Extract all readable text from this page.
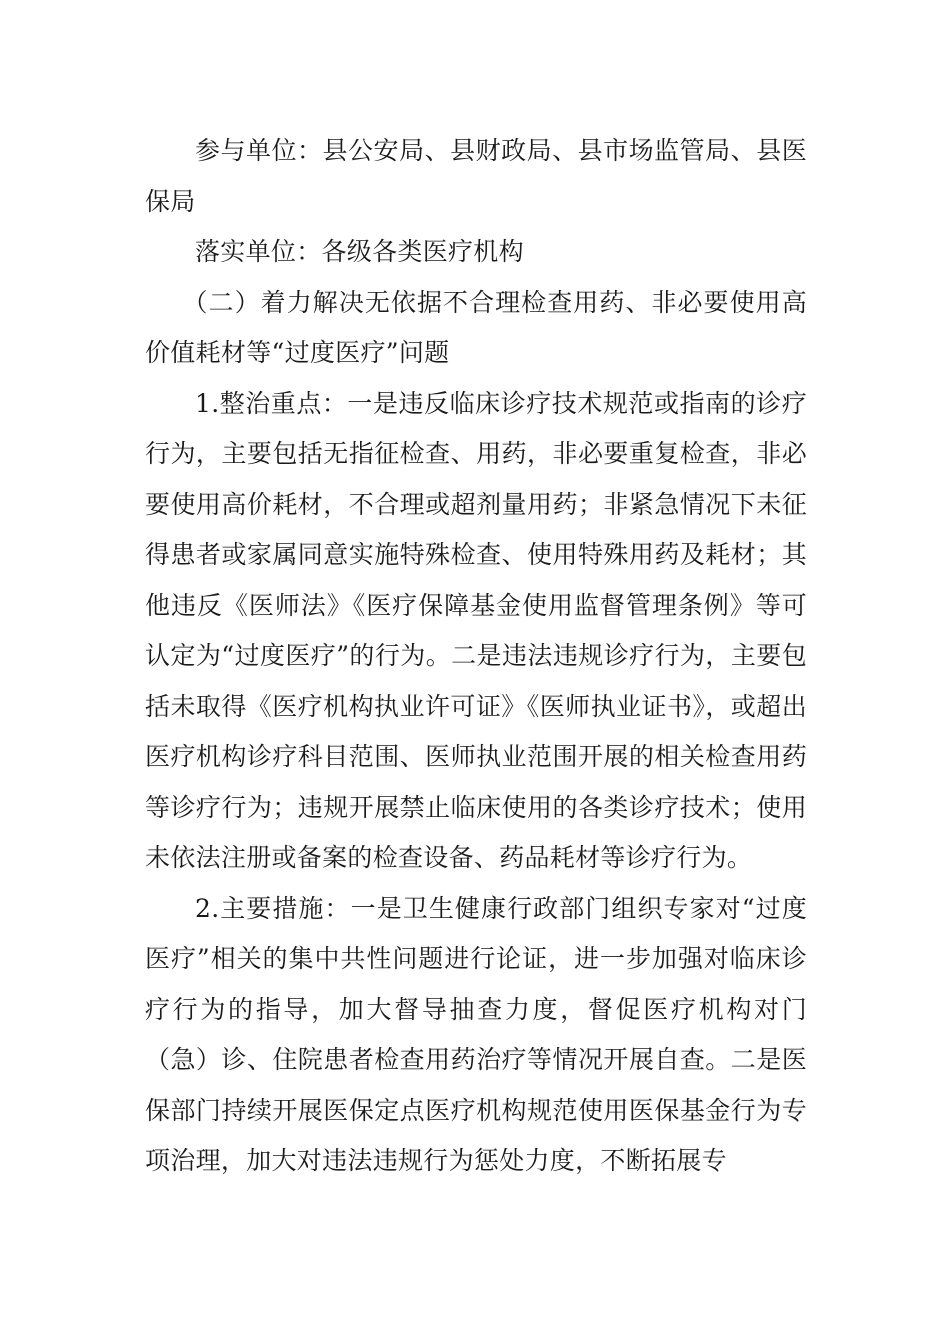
参与单位：县公安局、县财政局、县市场监管局、县医保局

落实单位：各级各类医疗机构

（二）着力解决无依据不合理检查用药、非必要使用高价值耗材等“过度医疗”问题

1.整治重点：一是违反临床诊疗技术规范或指南的诊疗行为，主要包括无指征检查、用药，非必要重复检查，非必要使用高价耗材，不合理或超剂量用药；非紧急情况下未征得患者或家属同意实施特殊检查、使用特殊用药及耗材；其他违反《医师法》《医疗保障基金使用监督管理条例》等可认定为“过度医疗”的行为。二是违法违规诊疗行为，主要包括未取得《医疗机构执业许可证》《医师执业证书》，或超出医疗机构诊疗科目范围、医师执业范围开展的相关检查用药等诊疗行为；违规开展禁止临床使用的各类诊疗技术；使用未依法注册或备案的检查设备、药品耗材等诊疗行为。

2.主要措施：一是卫生健康行政部门组织专家对“过度医疗”相关的集中共性问题进行论证，进一步加强对临床诊疗行为的指导，加大督导抽查力度，督促医疗机构对门（急）诊、住院患者检查用药治疗等情况开展自查。二是医保部门持续开展医保定点医疗机构规范使用医保基金行为专项治理，加大对违法违规行为惩处力度，不断拓展专
